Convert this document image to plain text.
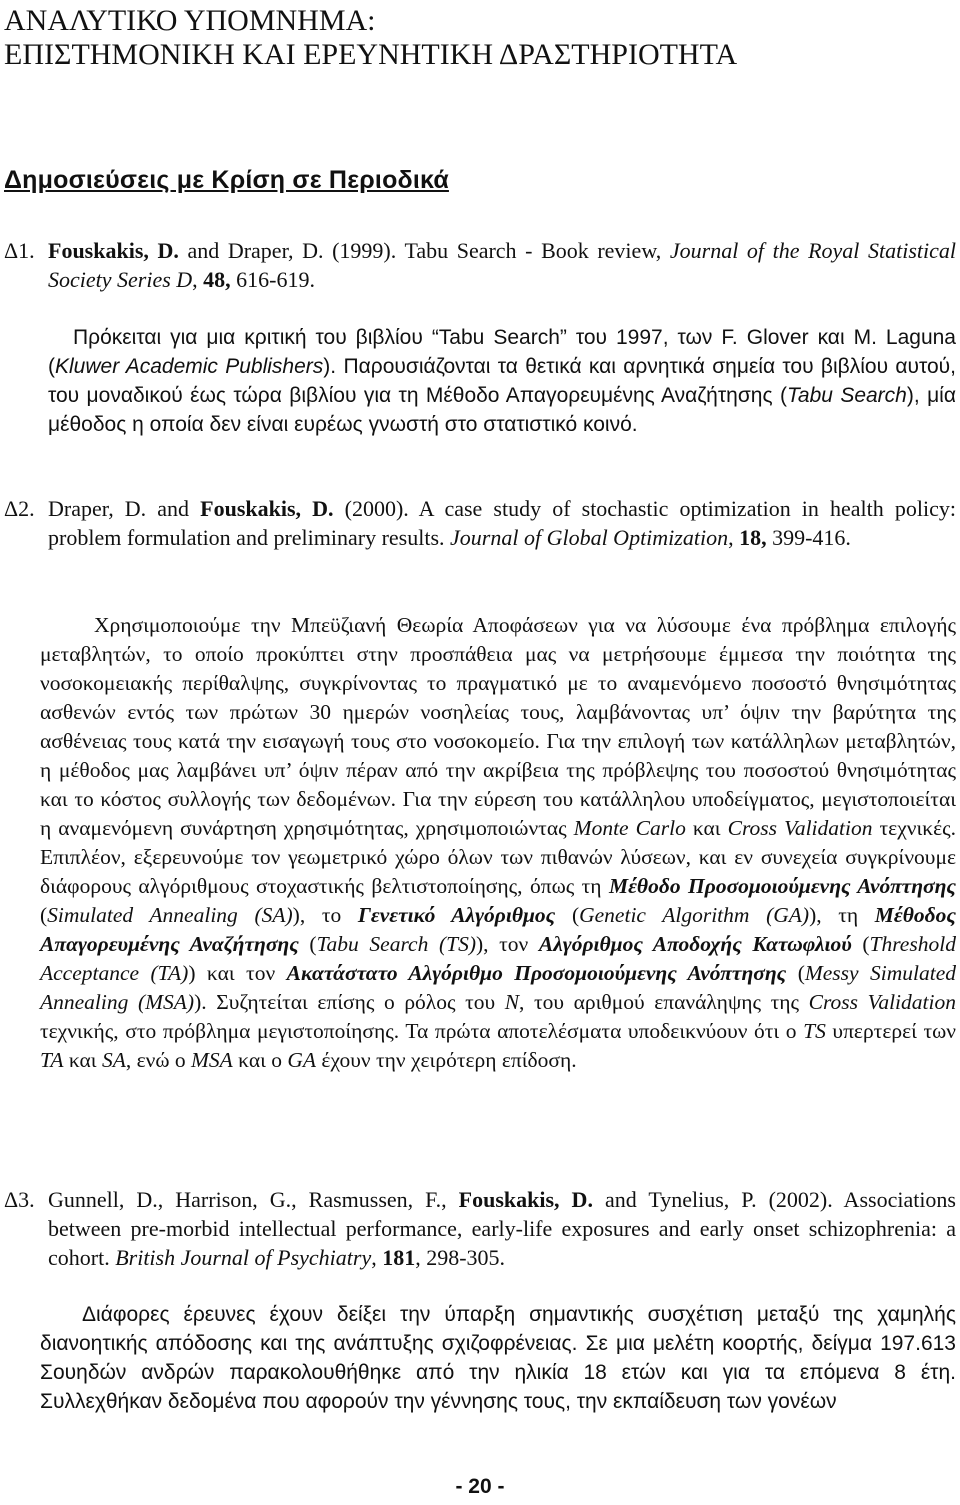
ΑΝΑΛΥΤΙΚΟ ΥΠΟΜΝΗΜΑ:
ΕΠΙΣΤΗΜΟΝΙΚΗ ΚΑΙ ΕΡΕΥΝΗΤΙΚΗ ΔΡΑΣΤΗΡΙΟΤΗΤΑ
Δημοσιεύσεις με Κρίση σε Περιοδικά

Δ1. Fouskakis, D. and Draper, D. (1999). Tabu Search - Book review, Journal of the Royal Statistical Society Series D, 48, 616-619.

Πρόκειται για μια κριτική του βιβλίου “Tabu Search” του 1997, των F. Glover και M. Laguna (Kluwer Academic Publishers). Παρουσιάζονται τα θετικά και αρνητικά σημεία του βιβλίου αυτού, του μοναδικού έως τώρα βιβλίου για τη Μέθοδο Απαγορευμένης Αναζήτησης (Tabu Search), μία μέθοδος η οποία δεν είναι ευρέως γνωστή στο στατιστικό κοινό.

Δ2. Draper, D. and Fouskakis, D. (2000). A case study of stochastic optimization in health policy: problem formulation and preliminary results. Journal of Global Optimization, 18, 399-416.

Χρησιμοποιούμε την Μπεϋζιανή Θεωρία Αποφάσεων για να λύσουμε ένα πρόβλημα επιλογής μεταβλητών, το οποίο προκύπτει στην προσπάθεια μας να μετρήσουμε έμμεσα την ποιότητα της νοσοκομειακής περίθαλψης, συγκρίνοντας το πραγματικό με το αναμενόμενο ποσοστό θνησιμότητας ασθενών εντός των πρώτων 30 ημερών νοσηλείας τους, λαμβάνοντας υπ’ όψιν την βαρύτητα της ασθένειας τους κατά την εισαγωγή τους στο νοσοκομείο. Για την επιλογή των κατάλληλων μεταβλητών, η μέθοδος μας λαμβάνει υπ’ όψιν πέραν από την ακρίβεια της πρόβλεψης του ποσοστού θνησιμότητας και το κόστος συλλογής των δεδομένων. Για την εύρεση του κατάλληλου υποδείγματος, μεγιστοποιείται η αναμενόμενη συνάρτηση χρησιμότητας, χρησιμοποιώντας Monte Carlo και Cross Validation τεχνικές. Επιπλέον, εξερευνούμε τον γεωμετρικό χώρο όλων των πιθανών λύσεων, και εν συνεχεία συγκρίνουμε διάφορους αλγόριθμους στοχαστικής βελτιστοποίησης, όπως τη Μέθοδο Προσομοιούμενης Ανόπτησης (Simulated Annealing (SA)), το Γενετικό Αλγόριθμος (Genetic Algorithm (GA)), τη Μέθοδος Απαγορευμένης Αναζήτησης (Tabu Search (TS)), τον Αλγόριθμος Αποδοχής Κατωφλιού (Threshold Acceptance (TA)) και τον Ακατάστατο Αλγόριθμο Προσομοιούμενης Ανόπτησης (Messy Simulated Annealing (MSA)). Συζητείται επίσης ο ρόλος του N, του αριθμού επανάληψης της Cross Validation τεχνικής, στο πρόβλημα μεγιστοποίησης. Τα πρώτα αποτελέσματα υποδεικνύουν ότι ο TS υπερτερεί των TA και SA, ενώ ο MSA και ο GA έχουν την χειρότερη επίδοση.

Δ3. Gunnell, D., Harrison, G., Rasmussen, F., Fouskakis, D. and Tynelius, P. (2002). Associations between pre-morbid intellectual performance, early-life exposures and early onset schizophrenia: a cohort. British Journal of Psychiatry, 181, 298-305.

Διάφορες έρευνες έχουν δείξει την ύπαρξη σημαντικής συσχέτιση μεταξύ της χαμηλής διανοητικής απόδοσης και της ανάπτυξης σχιζοφρένειας. Σε μια μελέτη κοορτής, δείγμα 197.613 Σουηδών ανδρών παρακολουθήθηκε από την ηλικία 18 ετών και για τα επόμενα 8 έτη. Συλλεχθήκαν δεδομένα που αφορούν την γέννησης τους, την εκπαίδευση των γονέων

- 20 -
